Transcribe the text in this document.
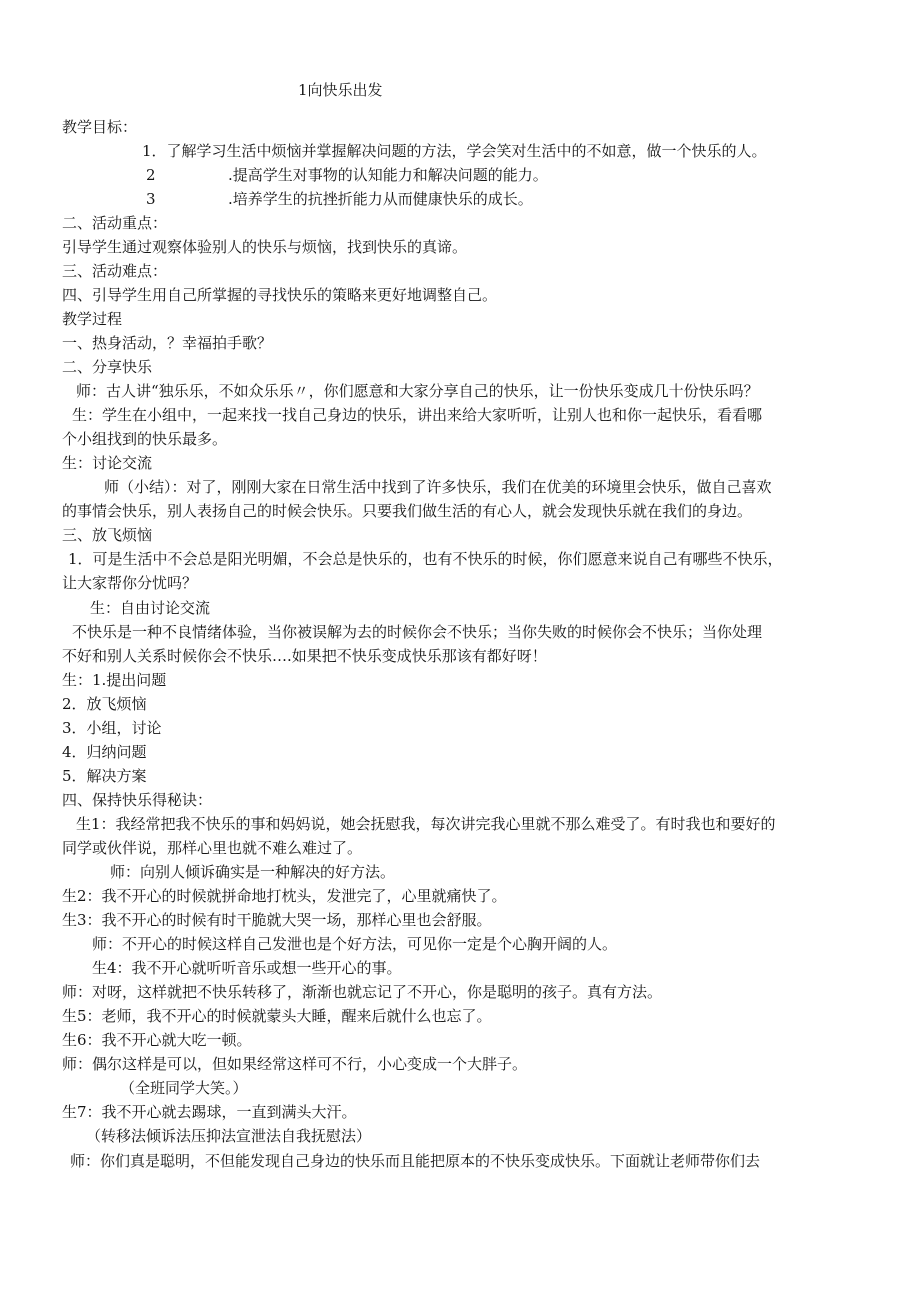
1向快乐出发
教学目标：
1．了解学习生活中烦恼并掌握解决问题的方法，学会笑对生活中的不如意，做一个快乐的人。
2	.提高学生对事物的认知能力和解决问题的能力。
3	.培养学生的抗挫折能力从而健康快乐的成长。
二、活动重点：
引导学生通过观察体验别人的快乐与烦恼，找到快乐的真谛。
三、活动难点：
四、引导学生用自己所掌握的寻找快乐的策略来更好地调整自己。
教学过程
一、热身活动，？幸福拍手歌？
二、分享快乐
师：古人讲“独乐乐，不如众乐乐〃，你们愿意和大家分享自己的快乐，让一份快乐变成几十份快乐吗？
生：学生在小组中，一起来找一找自己身边的快乐，讲出来给大家听听，让别人也和你一起快乐，看看哪
个小组找到的快乐最多。
生：讨论交流
师（小结）：对了，刚刚大家在日常生活中找到了许多快乐，我们在优美的环境里会快乐，做自己喜欢
的事情会快乐，别人表扬自己的时候会快乐。只要我们做生活的有心人，就会发现快乐就在我们的身边。
三、放飞烦恼
1．可是生活中不会总是阳光明媚，不会总是快乐的，也有不快乐的时候，你们愿意来说自己有哪些不快乐，
让大家帮你分忧吗？
生：自由讨论交流
不快乐是一种不良情绪体验，当你被误解为去的时候你会不快乐；当你失败的时候你会不快乐；当你处理
不好和别人关系时候你会不快乐….如果把不快乐变成快乐那该有都好呀！
生：1.提出问题
2．放飞烦恼
3．小组，讨论
4．归纳问题
5．解决方案
四、保持快乐得秘诀：
生1：我经常把我不快乐的事和妈妈说，她会抚慰我，每次讲完我心里就不那么难受了。有时我也和要好的
同学或伙伴说，那样心里也就不难么难过了。
师：向别人倾诉确实是一种解决的好方法。
生2：我不开心的时候就拼命地打枕头，发泄完了，心里就痛快了。
生3：我不开心的时候有时干脆就大哭一场，那样心里也会舒服。
师：不开心的时候这样自己发泄也是个好方法，可见你一定是个心胸开阔的人。
生4：我不开心就听听音乐或想一些开心的事。
师：对呀，这样就把不快乐转移了，渐渐也就忘记了不开心，你是聪明的孩子。真有方法。
生5：老师，我不开心的时候就蒙头大睡，醒来后就什么也忘了。
生6：我不开心就大吃一顿。
师：偶尔这样是可以，但如果经常这样可不行，小心变成一个大胖子。
（全班同学大笑。）
生7：我不开心就去踢球，一直到满头大汗。
（转移法倾诉法压抑法宣泄法自我抚慰法）
师：你们真是聪明，不但能发现自己身边的快乐而且能把原本的不快乐变成快乐。下面就让老师带你们去
